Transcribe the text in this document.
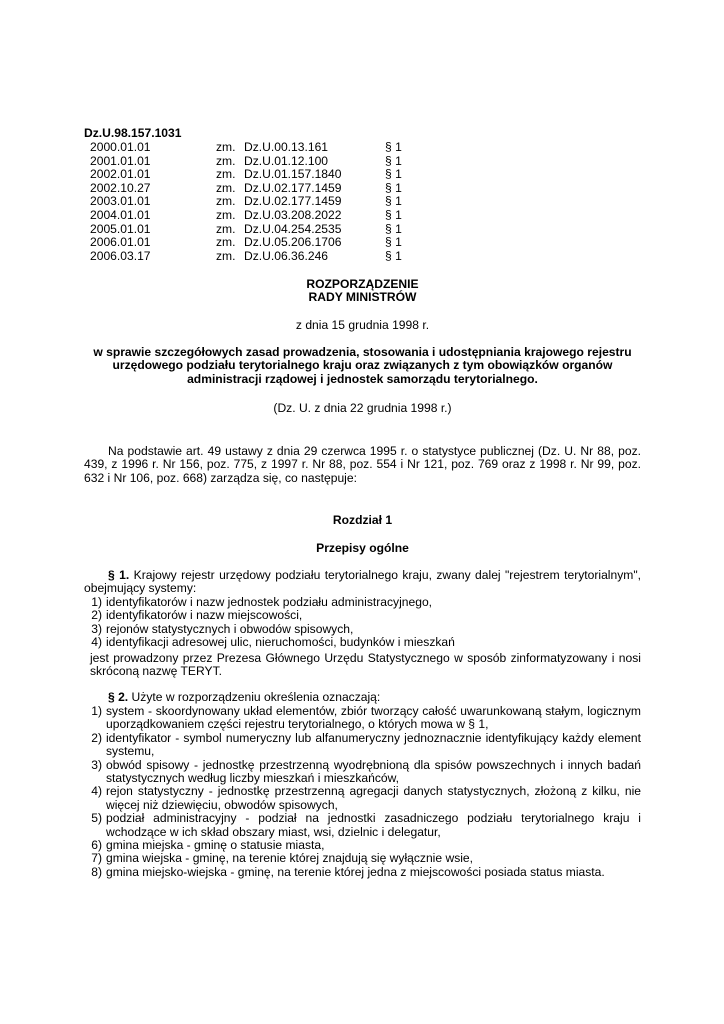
Dz.U.98.157.1031
2000.01.01	zm. Dz.U.00.13.161	§ 1
2001.01.01	zm. Dz.U.01.12.100	§ 1
2002.01.01	zm. Dz.U.01.157.1840	§ 1
2002.10.27	zm. Dz.U.02.177.1459	§ 1
2003.01.01	zm. Dz.U.02.177.1459	§ 1
2004.01.01	zm. Dz.U.03.208.2022	§ 1
2005.01.01	zm. Dz.U.04.254.2535	§ 1
2006.01.01	zm. Dz.U.05.206.1706	§ 1
2006.03.17	zm. Dz.U.06.36.246	§ 1
ROZPORZĄDZENIE
RADY MINISTRÓW
z dnia 15 grudnia 1998 r.
w sprawie szczegółowych zasad prowadzenia, stosowania i udostępniania krajowego rejestru
urzędowego podziału terytorialnego kraju oraz związanych z tym obowiązków organów
administracji rządowej i jednostek samorządu terytorialnego.
(Dz. U. z dnia 22 grudnia 1998 r.)
Na podstawie art. 49 ustawy z dnia 29 czerwca 1995 r. o statystyce publicznej (Dz. U. Nr 88, poz. 439, z 1996 r. Nr 156, poz. 775, z 1997 r. Nr 88, poz. 554 i Nr 121, poz. 769 oraz z 1998 r. Nr 99, poz. 632 i Nr 106, poz. 668) zarządza się, co następuje:
Rozdział 1
Przepisy ogólne
§ 1. Krajowy rejestr urzędowy podziału terytorialnego kraju, zwany dalej "rejestrem terytorialnym", obejmujący systemy:
1) identyfikatorów i nazw jednostek podziału administracyjnego,
2) identyfikatorów i nazw miejscowości,
3) rejonów statystycznych i obwodów spisowych,
4) identyfikacji adresowej ulic, nieruchomości, budynków i mieszkań
jest prowadzony przez Prezesa Głównego Urzędu Statystycznego w sposób zinformatyzowany i nosi skróconą nazwę TERYT.
§ 2. Użyte w rozporządzeniu określenia oznaczają:
1) system - skoordynowany układ elementów, zbiór tworzący całość uwarunkowaną stałym, logicznym uporządkowaniem części rejestru terytorialnego, o których mowa w § 1,
2) identyfikator - symbol numeryczny lub alfanumeryczny jednoznacznie identyfikujący każdy element systemu,
3) obwód spisowy - jednostkę przestrzenną wyodrębnioną dla spisów powszechnych i innych badań statystycznych według liczby mieszkań i mieszkańców,
4) rejon statystyczny - jednostkę przestrzenną agregacji danych statystycznych, złożoną z kilku, nie więcej niż dziewięciu, obwodów spisowych,
5) podział administracyjny - podział na jednostki zasadniczego podziału terytorialnego kraju i wchodzące w ich skład obszary miast, wsi, dzielnic i delegatur,
6) gmina miejska - gminę o statusie miasta,
7) gmina wiejska - gminę, na terenie której znajdują się wyłącznie wsie,
8) gmina miejsko-wiejska - gminę, na terenie której jedna z miejscowości posiada status miasta.
